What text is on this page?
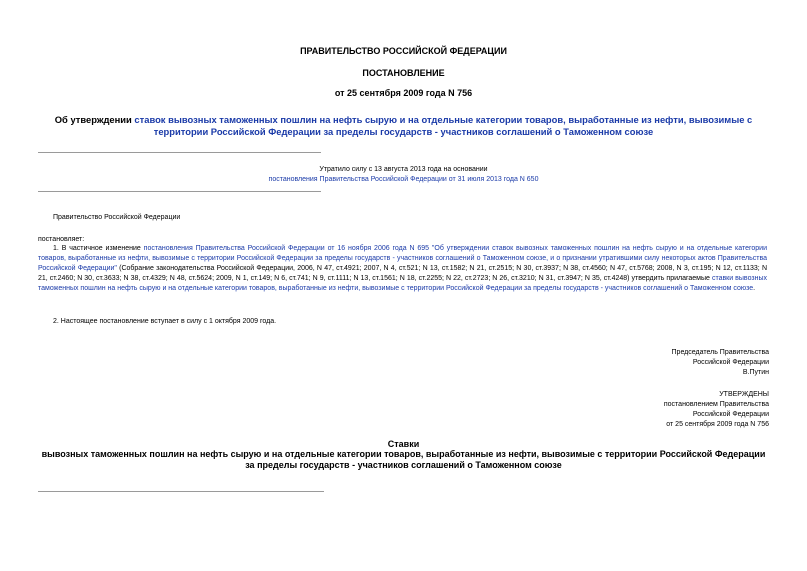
ПРАВИТЕЛЬСТВО РОССИЙСКОЙ ФЕДЕРАЦИИ
ПОСТАНОВЛЕНИЕ
от 25 сентября 2009 года N 756
Об утверждении ставок вывозных таможенных пошлин на нефть сырую и на отдельные категории товаров, выработанные из нефти, вывозимые с территории Российской Федерации за пределы государств - участников соглашений о Таможенном союзе
Утратило силу с 13 августа 2013 года на основании
постановления Правительства Российской Федерации от 31 июля 2013 года N 650
Правительство Российской Федерации
постановляет:
1. В частичное изменение постановления Правительства Российской Федерации от 16 ноября 2006 года N 695 "Об утверждении ставок вывозных таможенных пошлин на нефть сырую и на отдельные категории товаров, выработанные из нефти, вывозимые с территории Российской Федерации за пределы государств - участников соглашений о Таможенном союзе, и о признании утратившими силу некоторых актов Правительства Российской Федерации" (Собрание законодательства Российской Федерации, 2006, N 47, ст.4921; 2007, N 4, ст.521; N 13, ст.1582; N 21, ст.2515; N 30, ст.3937; N 38, ст.4560; N 47, ст.5768; 2008, N 3, ст.195; N 12, ст.1133; N 21, ст.2460; N 30, ст.3633; N 38, ст.4329; N 48, ст.5624; 2009, N 1, ст.149; N 6, ст.741; N 9, ст.1111; N 13, ст.1561; N 18, ст.2255; N 22, ст.2723; N 26, ст.3210; N 31, ст.3947; N 35, ст.4248) утвердить прилагаемые ставки вывозных таможенных пошлин на нефть сырую и на отдельные категории товаров, выработанные из нефти, вывозимые с территории Российской Федерации за пределы государств - участников соглашений о Таможенном союзе.
2. Настоящее постановление вступает в силу с 1 октября 2009 года.
Председатель Правительства
Российской Федерации
В.Путин
УТВЕРЖДЕНЫ
постановлением Правительства
Российской Федерации
от 25 сентября 2009 года N 756
Ставки
вывозных таможенных пошлин на нефть сырую и на отдельные категории товаров, выработанные из нефти, вывозимые с территории Российской Федерации за пределы государств - участников соглашений о Таможенном союзе
